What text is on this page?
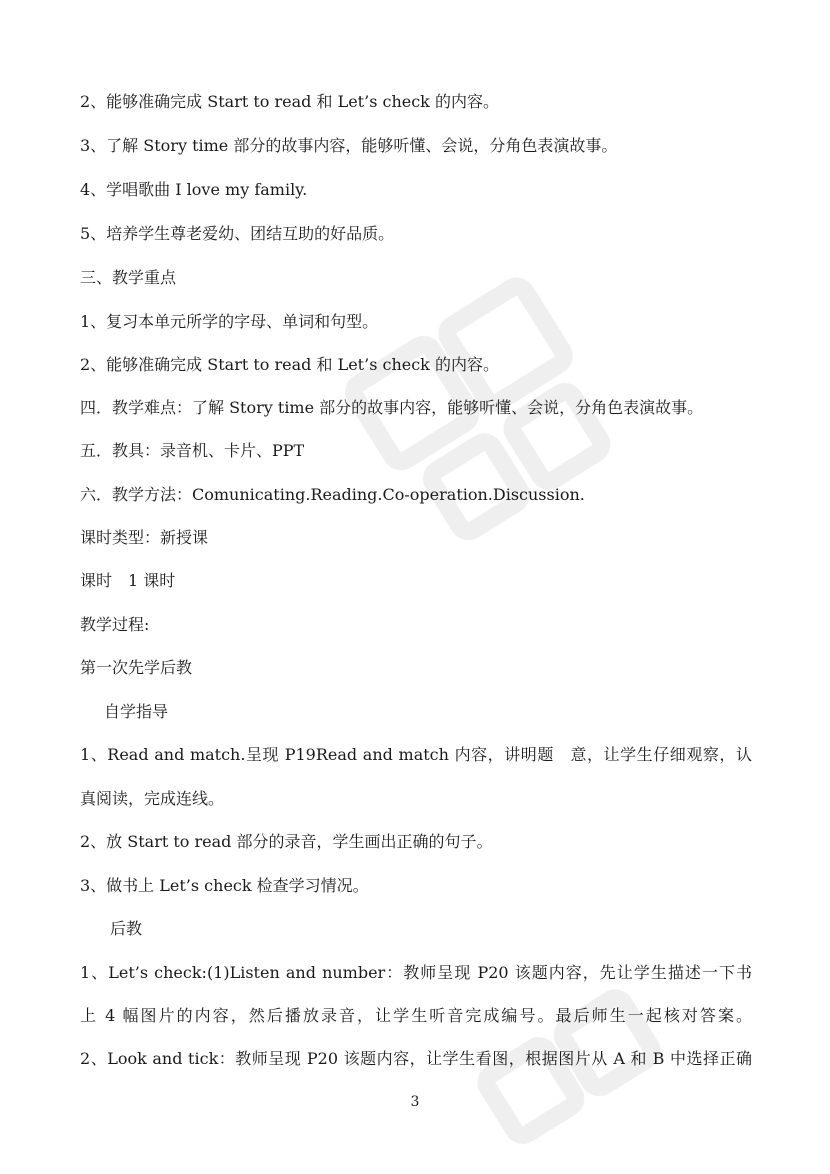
2、能够准确完成 Start to read 和 Let’s check 的内容。
3、了解 Story time 部分的故事内容，能够听懂、会说，分角色表演故事。
4、学唱歌曲 I love my family.
5、培养学生尊老爱幼、团结互助的好品质。
三、教学重点
1、复习本单元所学的字母、单词和句型。
2、能够准确完成 Start to read 和 Let’s check 的内容。
四．教学难点：了解 Story time 部分的故事内容，能够听懂、会说，分角色表演故事。
五．教具：录音机、卡片、PPT
六．教学方法：Comunicating.Reading.Co-operation.Discussion.
课时类型：新授课
课时　1 课时
教学过程:
第一次先学后教
自学指导
1、Read and match.呈现 P19Read and match 内容，讲明题　意，让学生仔细观察，认
真阅读，完成连线。
2、放 Start to read 部分的录音，学生画出正确的句子。
3、做书上 Let’s check 检查学习情况。
后教
1、Let’s check:(1)Listen and number：教师呈现 P20 该题内容，先让学生描述一下书
上 4 幅图片的内容，然后播放录音，让学生听音完成编号。最后师生一起核对答案。
2、Look and tick：教师呈现 P20 该题内容，让学生看图，根据图片从 A 和 B 中选择正确
3
